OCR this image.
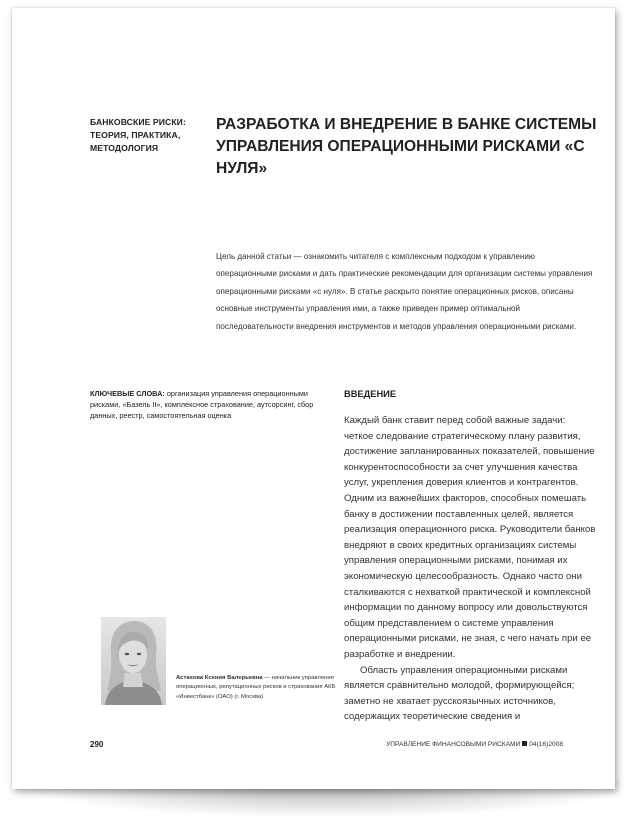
БАНКОВСКИЕ РИСКИ: ТЕОРИЯ, ПРАКТИКА, МЕТОДОЛОГИЯ
РАЗРАБОТКА И ВНЕДРЕНИЕ В БАНКЕ СИСТЕМЫ УПРАВЛЕНИЯ ОПЕРАЦИОННЫМИ РИСКАМИ «С НУЛЯ»
Цель данной статьи — ознакомить читателя с комплексным подходом к управлению операционными рисками и дать практические рекомендации для организации системы управления операционными рисками «с нуля». В статье раскрыто понятие операционных рисков, описаны основные инструменты управления ими, а также приведен пример оптимальной последовательности внедрения инструментов и методов управления операционными рисками.
КЛЮЧЕВЫЕ СЛОВА: организация управления операционными рисками, «Базель II», комплексное страхование, аутсорсинг, сбор данных, реестр, самостоятельная оценка
ВВЕДЕНИЕ

Каждый банк ставит перед собой важные задачи: четкое следование стратегическому плану развития, достижение запланированных показателей, повышение конкурентоспособности за счет улучшения качества услуг, укрепления доверия клиентов и контрагентов. Одним из важнейших факторов, способных помешать банку в достижении поставленных целей, является реализация операционного риска. Руководители банков внедряют в своих кредитных организациях системы управления операционными рисками, понимая их экономическую целесообразность. Однако часто они сталкиваются с нехваткой практической и комплексной информации по данному вопросу или довольствуются общим представлением о системе управления операционными рисками, не зная, с чего начать при ее разработке и внедрении.

Область управления операционными рисками является сравнительно молодой, формирующейся; заметно не хватает русскоязычных источников, содержащих теоретические сведения и

Астахова Ксения Валерьевна — начальник управления операционных, репутационных рисков и страхования АКБ «Инвестбанк» (ОАО) (г. Москва)
290	УПРАВЛЕНИЕ ФИНАНСОВЫМИ РИСКАМИ 04(16)2008
